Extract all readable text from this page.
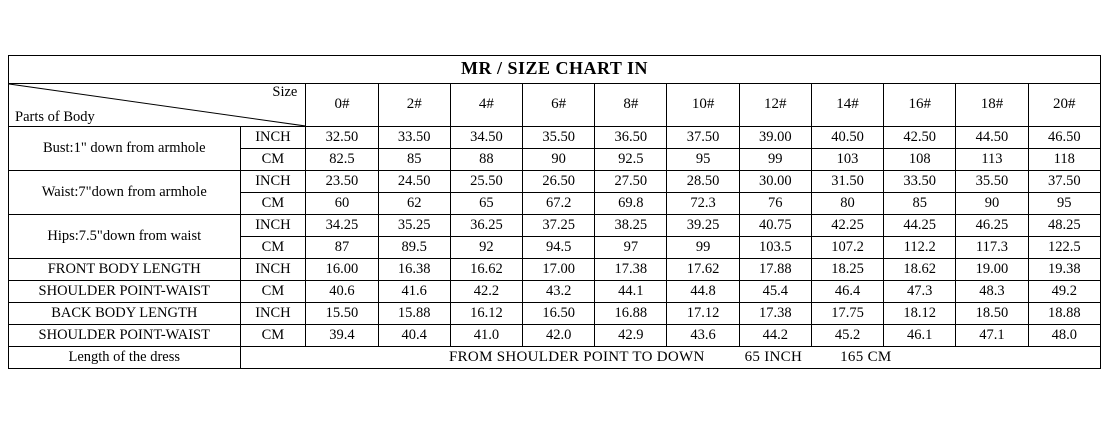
MR / SIZE CHART IN												

Size
Parts of Body		0#	2#	4#	6#	8#	10#	12#	14#	16#	18#	20#
Bust:1" down from armhole	INCH	32.50	33.50	34.50	35.50	36.50	37.50	39.00	40.50	42.50	44.50	46.50
	CM	82.5	85	88	90	92.5	95	99	103	108	113	118
Waist:7"down from armhole	INCH	23.50	24.50	25.50	26.50	27.50	28.50	30.00	31.50	33.50	35.50	37.50
	CM	60	62	65	67.2	69.8	72.3	76	80	85	90	95
Hips:7.5"down from waist	INCH	34.25	35.25	36.25	37.25	38.25	39.25	40.75	42.25	44.25	46.25	48.25
	CM	87	89.5	92	94.5	97	99	103.5	107.2	112.2	117.3	122.5
FRONT BODY LENGTH	INCH	16.00	16.38	16.62	17.00	17.38	17.62	17.88	18.25	18.62	19.00	19.38
SHOULDER POINT-WAIST	CM	40.6	41.6	42.2	43.2	44.1	44.8	45.4	46.4	47.3	48.3	49.2
BACK BODY LENGTH	INCH	15.50	15.88	16.12	16.50	16.88	17.12	17.38	17.75	18.12	18.50	18.88
SHOULDER POINT-WAIST	CM	39.4	40.4	41.0	42.0	42.9	43.6	44.2	45.2	46.1	47.1	48.0
Length of the dress	FROM SHOULDER POINT TO DOWN 65 INCH 165 CM											
